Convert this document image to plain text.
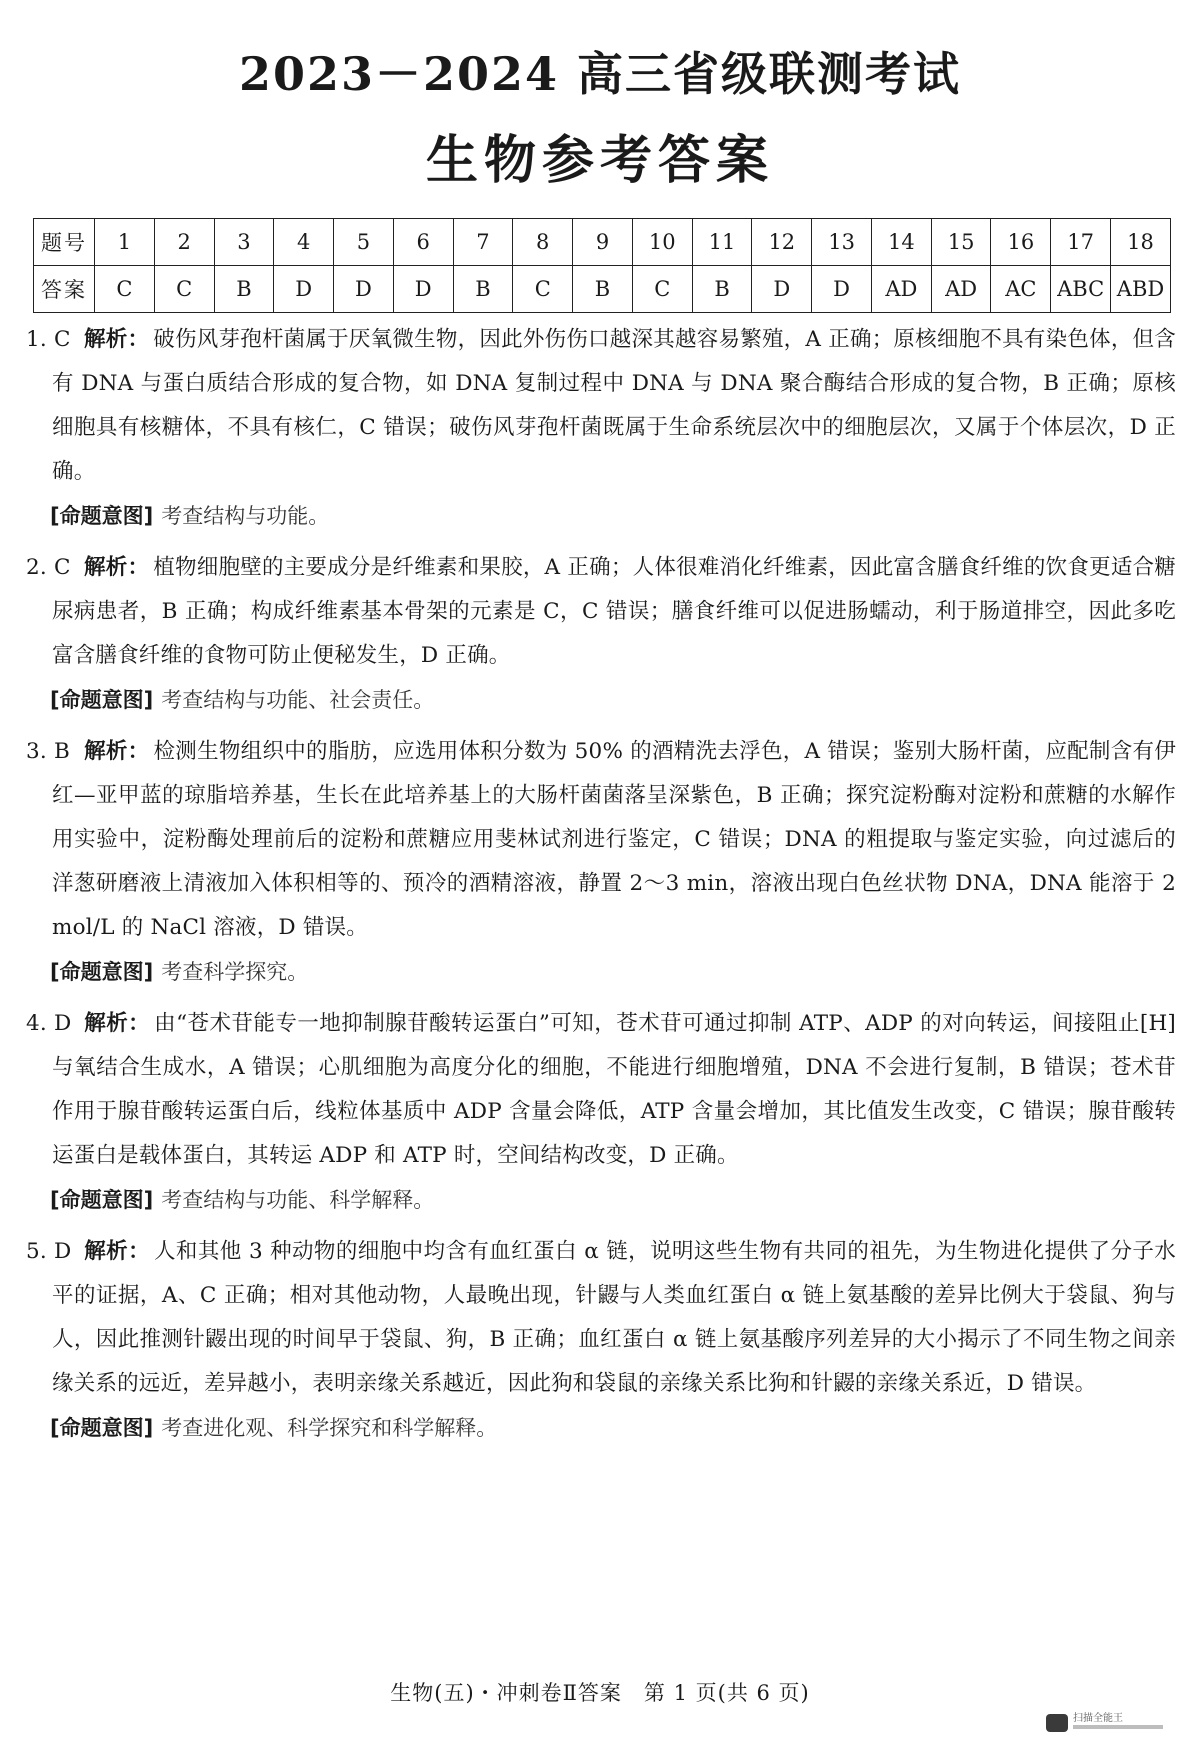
2023－2024 高三省级联测考试
生物参考答案
题号	1	2	3	4	5	6	7	8	9	10	11	12	13	14	15	16	17	18
答案	C	C	B	D	D	D	B	C	B	C	B	D	D	AD	AD	AC	ABC	ABD
1. C 解析： 破伤风芽孢杆菌属于厌氧微生物，因此外伤伤口越深其越容易繁殖，A 正确；原核细胞不具有染色体，但含有 DNA 与蛋白质结合形成的复合物，如 DNA 复制过程中 DNA 与 DNA 聚合酶结合形成的复合物，B 正确；原核细胞具有核糖体，不具有核仁，C 错误；破伤风芽孢杆菌既属于生命系统层次中的细胞层次，又属于个体层次，D 正确。
[命题意图] 考查结构与功能。
2. C 解析： 植物细胞壁的主要成分是纤维素和果胶，A 正确；人体很难消化纤维素，因此富含膳食纤维的饮食更适合糖尿病患者，B 正确；构成纤维素基本骨架的元素是 C，C 错误；膳食纤维可以促进肠蠕动，利于肠道排空，因此多吃富含膳食纤维的食物可防止便秘发生，D 正确。
[命题意图] 考查结构与功能、社会责任。
3. B 解析： 检测生物组织中的脂肪，应选用体积分数为 50% 的酒精洗去浮色，A 错误；鉴别大肠杆菌，应配制含有伊红—亚甲蓝的琼脂培养基，生长在此培养基上的大肠杆菌菌落呈深紫色，B 正确；探究淀粉酶对淀粉和蔗糖的水解作用实验中，淀粉酶处理前后的淀粉和蔗糖应用斐林试剂进行鉴定，C 错误；DNA 的粗提取与鉴定实验，向过滤后的洋葱研磨液上清液加入体积相等的、预冷的酒精溶液，静置 2～3 min，溶液出现白色丝状物 DNA，DNA 能溶于 2 mol/L 的 NaCl 溶液，D 错误。
[命题意图] 考查科学探究。
4. D 解析： 由“苍术苷能专一地抑制腺苷酸转运蛋白”可知，苍术苷可通过抑制 ATP、ADP 的对向转运，间接阻止[H]与氧结合生成水，A 错误；心肌细胞为高度分化的细胞，不能进行细胞增殖，DNA 不会进行复制，B 错误；苍术苷作用于腺苷酸转运蛋白后，线粒体基质中 ADP 含量会降低，ATP 含量会增加，其比值发生改变，C 错误；腺苷酸转运蛋白是载体蛋白，其转运 ADP 和 ATP 时，空间结构改变，D 正确。
[命题意图] 考查结构与功能、科学解释。
5. D 解析： 人和其他 3 种动物的细胞中均含有血红蛋白 α 链，说明这些生物有共同的祖先，为生物进化提供了分子水平的证据，A、C 正确；相对其他动物，人最晚出现，针鼹与人类血红蛋白 α 链上氨基酸的差异比例大于袋鼠、狗与人，因此推测针鼹出现的时间早于袋鼠、狗，B 正确；血红蛋白 α 链上氨基酸序列差异的大小揭示了不同生物之间亲缘关系的远近，差异越小，表明亲缘关系越近，因此狗和袋鼠的亲缘关系比狗和针鼹的亲缘关系近，D 错误。
[命题意图] 考查进化观、科学探究和科学解释。
生物(五)・冲刺卷Ⅱ答案　第 1 页(共 6 页)
扫描全能王
